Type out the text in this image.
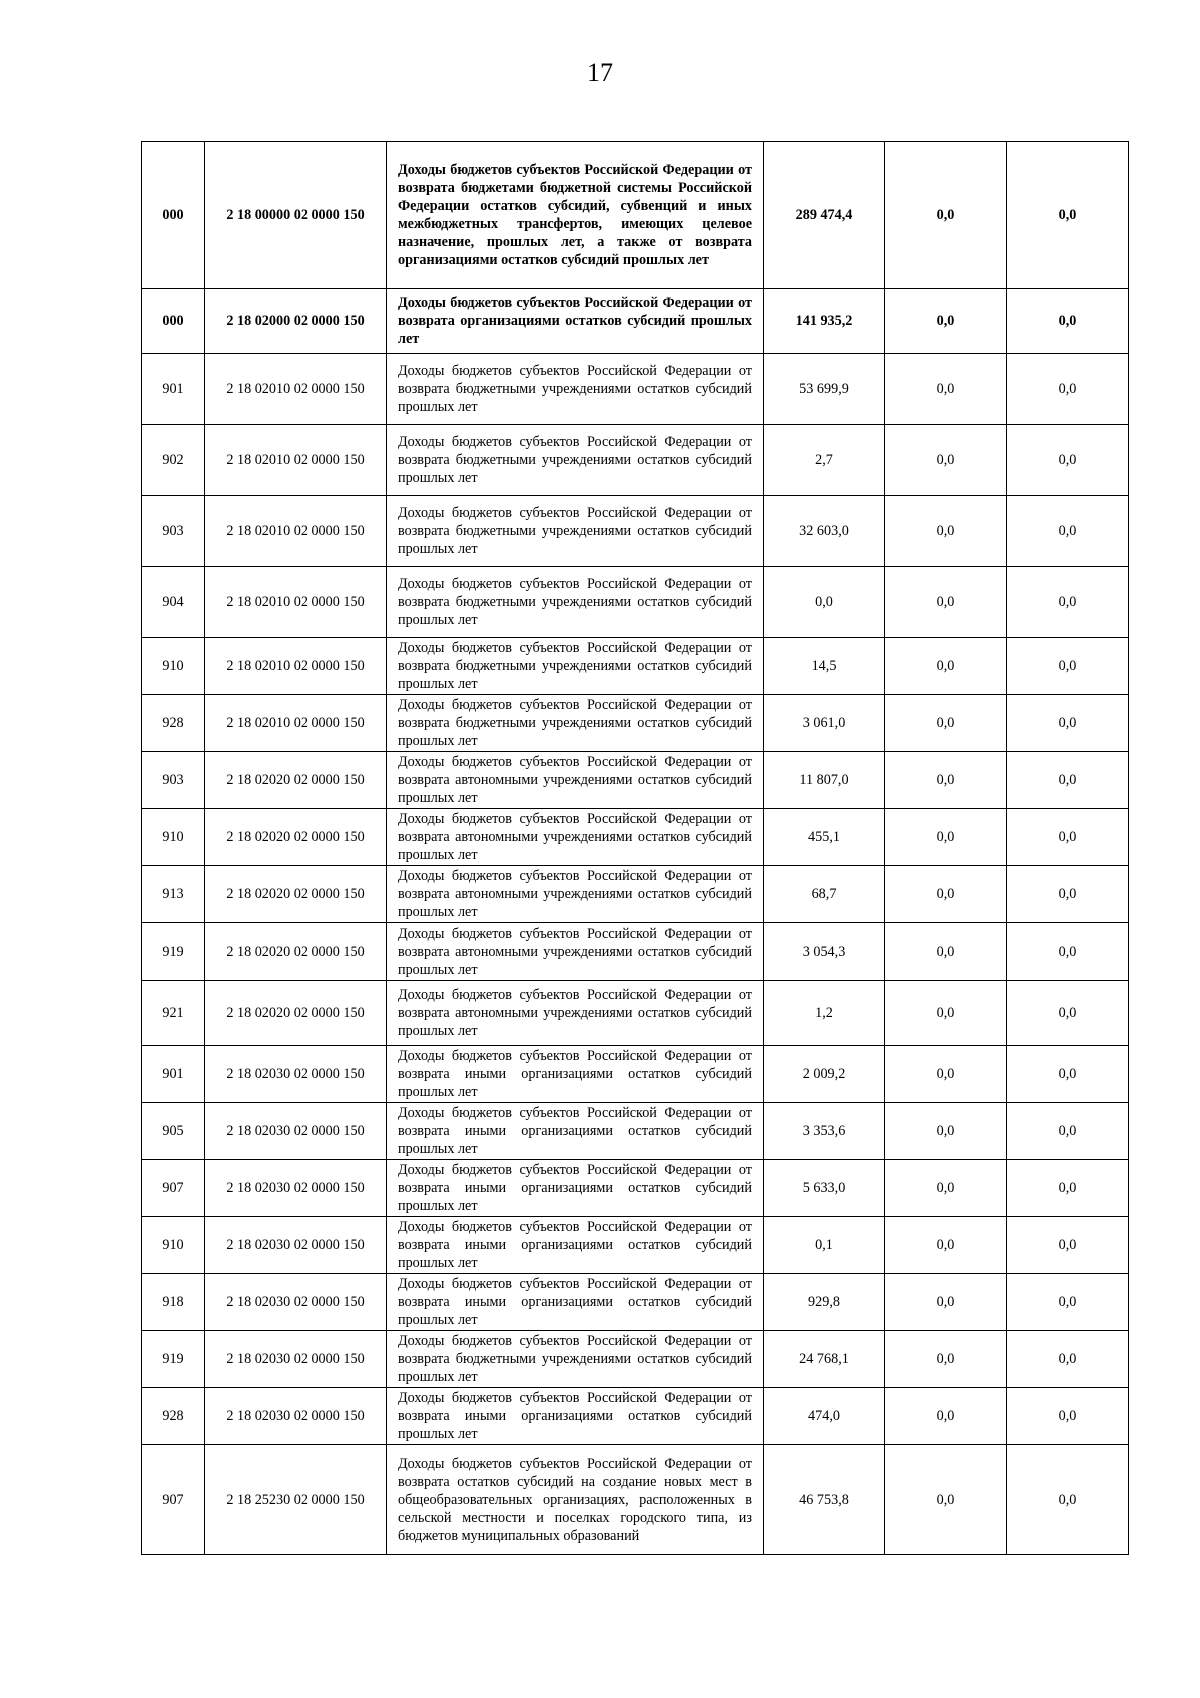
17
000	2 18 00000 02 0000 150	Доходы бюджетов субъектов Российской Федерации от возврата бюджетами бюджетной системы Российской Федерации остатков субсидий, субвенций и иных межбюджетных трансфертов, имеющих целевое назначение, прошлых лет, а также от возврата организациями остатков субсидий прошлых лет	289 474,4	0,0	0,0
000	2 18 02000 02 0000 150	Доходы бюджетов субъектов Российской Федерации от возврата организациями остатков субсидий прошлых лет	141 935,2	0,0	0,0
901	2 18 02010 02 0000 150	Доходы бюджетов субъектов Российской Федерации от возврата бюджетными учреждениями остатков субсидий прошлых лет	53 699,9	0,0	0,0
902	2 18 02010 02 0000 150	Доходы бюджетов субъектов Российской Федерации от возврата бюджетными учреждениями остатков субсидий прошлых лет	2,7	0,0	0,0
903	2 18 02010 02 0000 150	Доходы бюджетов субъектов Российской Федерации от возврата бюджетными учреждениями остатков субсидий прошлых лет	32 603,0	0,0	0,0
904	2 18 02010 02 0000 150	Доходы бюджетов субъектов Российской Федерации от возврата бюджетными учреждениями остатков субсидий прошлых лет	0,0	0,0	0,0
910	2 18 02010 02 0000 150	Доходы бюджетов субъектов Российской Федерации от возврата бюджетными учреждениями остатков субсидий прошлых лет	14,5	0,0	0,0
928	2 18 02010 02 0000 150	Доходы бюджетов субъектов Российской Федерации от возврата бюджетными учреждениями остатков субсидий прошлых лет	3 061,0	0,0	0,0
903	2 18 02020 02 0000 150	Доходы бюджетов субъектов Российской Федерации от возврата автономными учреждениями остатков субсидий прошлых лет	11 807,0	0,0	0,0
910	2 18 02020 02 0000 150	Доходы бюджетов субъектов Российской Федерации от возврата автономными учреждениями остатков субсидий прошлых лет	455,1	0,0	0,0
913	2 18 02020 02 0000 150	Доходы бюджетов субъектов Российской Федерации от возврата автономными учреждениями остатков субсидий прошлых лет	68,7	0,0	0,0
919	2 18 02020 02 0000 150	Доходы бюджетов субъектов Российской Федерации от возврата автономными учреждениями остатков субсидий прошлых лет	3 054,3	0,0	0,0
921	2 18 02020 02 0000 150	Доходы бюджетов субъектов Российской Федерации от возврата автономными учреждениями остатков субсидий прошлых лет	1,2	0,0	0,0
901	2 18 02030 02 0000 150	Доходы бюджетов субъектов Российской Федерации от возврата иными организациями остатков субсидий прошлых лет	2 009,2	0,0	0,0
905	2 18 02030 02 0000 150	Доходы бюджетов субъектов Российской Федерации от возврата иными организациями остатков субсидий прошлых лет	3 353,6	0,0	0,0
907	2 18 02030 02 0000 150	Доходы бюджетов субъектов Российской Федерации от возврата иными организациями остатков субсидий прошлых лет	5 633,0	0,0	0,0
910	2 18 02030 02 0000 150	Доходы бюджетов субъектов Российской Федерации от возврата иными организациями остатков субсидий прошлых лет	0,1	0,0	0,0
918	2 18 02030 02 0000 150	Доходы бюджетов субъектов Российской Федерации от возврата иными организациями остатков субсидий прошлых лет	929,8	0,0	0,0
919	2 18 02030 02 0000 150	Доходы бюджетов субъектов Российской Федерации от возврата бюджетными учреждениями остатков субсидий прошлых лет	24 768,1	0,0	0,0
928	2 18 02030 02 0000 150	Доходы бюджетов субъектов Российской Федерации от возврата иными организациями остатков субсидий прошлых лет	474,0	0,0	0,0
907	2 18 25230 02 0000 150	Доходы бюджетов субъектов Российской Федерации от возврата остатков субсидий на создание новых мест в общеобразовательных организациях, расположенных в сельской местности и поселках городского типа, из бюджетов муниципальных образований	46 753,8	0,0	0,0
